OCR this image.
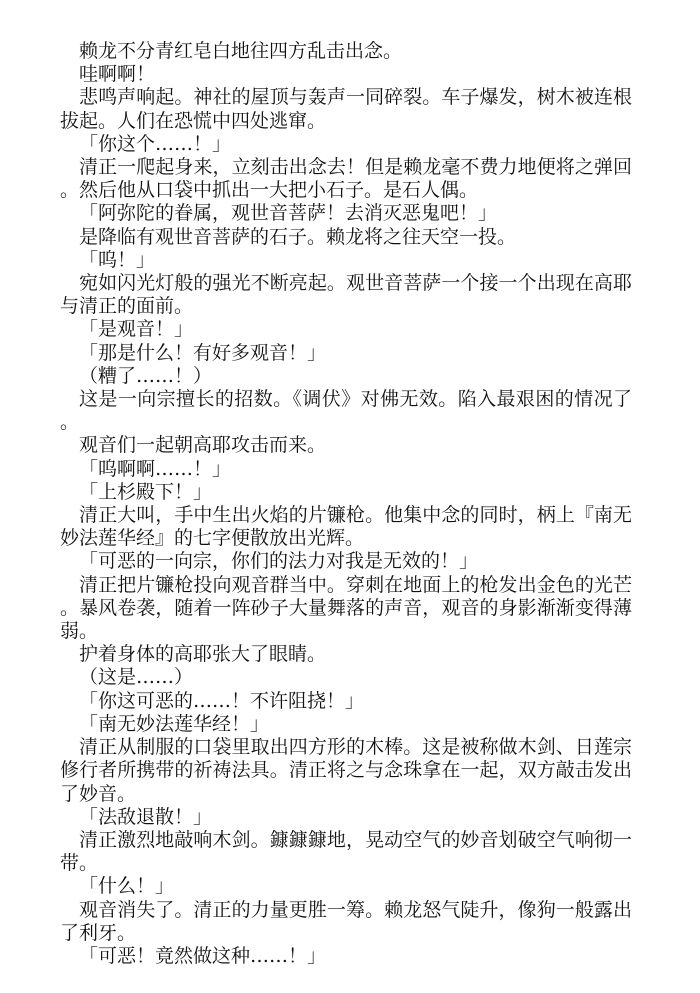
赖龙不分青红皂白地往四方乱击出念。

哇啊啊！

悲鸣声响起。神社的屋顶与轰声一同碎裂。车子爆发，树木被连根拔起。人们在恐慌中四处逃窜。

「你这个……！」

清正一爬起身来，立刻击出念去！但是赖龙毫不费力地便将之弹回。然后他从口袋中抓出一大把小石子。是石人偶。

「阿弥陀的眷属，观世音菩萨！去消灭恶鬼吧！」

是降临有观世音菩萨的石子。赖龙将之往天空一投。

「呜！」

宛如闪光灯般的强光不断亮起。观世音菩萨一个接一个出现在高耶与清正的面前。

「是观音！」

「那是什么！有好多观音！」

（糟了……！）

这是一向宗擅长的招数。《调伏》对佛无效。陷入最艰困的情况了。

观音们一起朝高耶攻击而来。

「呜啊啊……！」

「上杉殿下！」

清正大叫，手中生出火焰的片镰枪。他集中念的同时，柄上『南无妙法莲华经』的七字便散放出光辉。

「可恶的一向宗，你们的法力对我是无效的！」

清正把片镰枪投向观音群当中。穿刺在地面上的枪发出金色的光芒。暴风卷袭，随着一阵砂子大量舞落的声音，观音的身影渐渐变得薄弱。

护着身体的高耶张大了眼睛。

（这是……）

「你这可恶的……！不许阻挠！」

「南无妙法莲华经！」

清正从制服的口袋里取出四方形的木棒。这是被称做木剑、日莲宗修行者所携带的祈祷法具。清正将之与念珠拿在一起，双方敲击发出了妙音。

「法敌退散！」

清正激烈地敲响木剑。鏮鏮鏮地，晃动空气的妙音划破空气响彻一带。

「什么！」

观音消失了。清正的力量更胜一筹。赖龙怒气陡升，像狗一般露出了利牙。

「可恶！竟然做这种……！」
